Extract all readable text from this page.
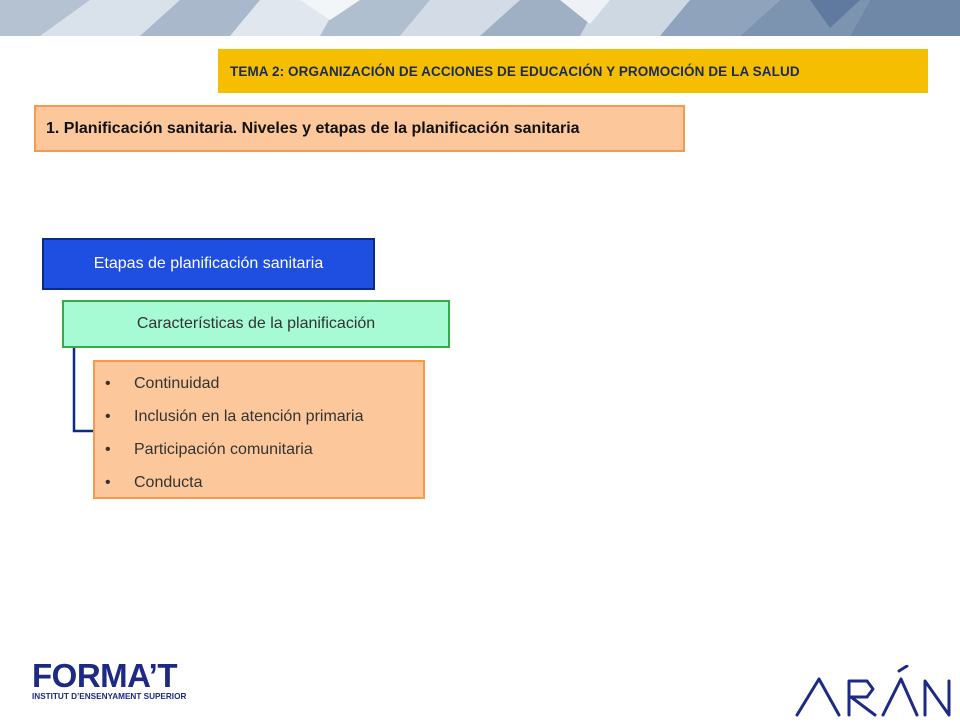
TEMA 2: ORGANIZACIÓN DE ACCIONES DE EDUCACIÓN Y PROMOCIÓN DE LA SALUD
1. Planificación sanitaria. Niveles y etapas de la planificación sanitaria
Etapas de planificación sanitaria
Características de la planificación
• Continuidad
• Inclusión en la atención primaria
• Participación comunitaria
• Conducta
FORMA’T
INSTITUT D’ENSENYAMENT SUPERIOR
